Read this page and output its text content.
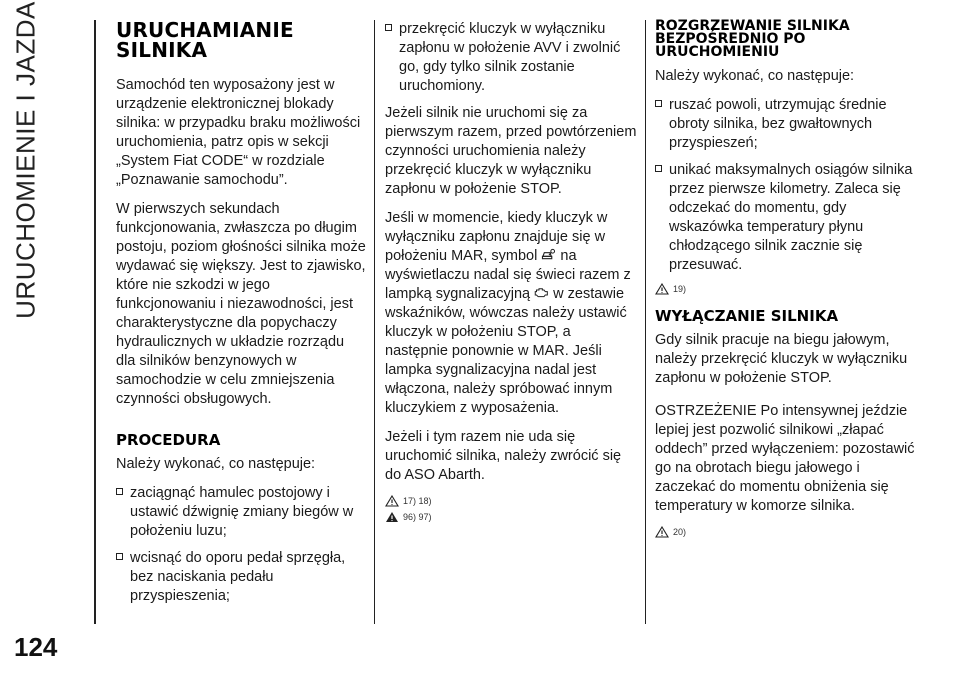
URUCHOMIENIE I JAZDA
124
URUCHAMIANIE SILNIKA

Samochód ten wyposażony jest w urządzenie elektronicznej blokady silnika: w przypadku braku możliwości uruchomienia, patrz opis w sekcji „System Fiat CODE“ w rozdziale „Poznawanie samochodu”.

W pierwszych sekundach funkcjonowania, zwłaszcza po długim postoju, poziom głośności silnika może wydawać się większy. Jest to zjawisko, które nie szkodzi w jego funkcjonowaniu i niezawodności, jest charakterystyczne dla popychaczy hydraulicznych w układzie rozrządu dla silników benzynowych w samochodzie w celu zmniejszenia czynności obsługowych.

PROCEDURA

Należy wykonać, co następuje:

zaciągnąć hamulec postojowy i ustawić dźwignię zmiany biegów w położeniu luzu;
wcisnąć do oporu pedał sprzęgła, bez naciskania pedału przyspieszenia;
przekręcić kluczyk w wyłączniku zapłonu w położenie AVV i zwolnić go, gdy tylko silnik zostanie uruchomiony.

Jeżeli silnik nie uruchomi się za pierwszym razem, przed powtórzeniem czynności uruchomienia należy przekręcić kluczyk w wyłączniku zapłonu w położenie STOP.

Jeśli w momencie, kiedy kluczyk w wyłączniku zapłonu znajduje się w położeniu MAR, symbol na wyświetlaczu nadal się świeci razem z lampką sygnalizacyjną w zestawie wskaźników, wówczas należy ustawić kluczyk w położeniu STOP, a następnie ponownie w MAR. Jeśli lampka sygnalizacyjna nadal jest włączona, należy spróbować innym kluczykiem z wyposażenia.

Jeżeli i tym razem nie uda się uruchomić silnika, należy zwrócić się do ASO Abarth.

17) 18)
96) 97)
ROZGRZEWANIE SILNIKA BEZPOŚREDNIO PO URUCHOMIENIU

Należy wykonać, co następuje:

ruszać powoli, utrzymując średnie obroty silnika, bez gwałtownych przyspieszeń;
unikać maksymalnych osiągów silnika przez pierwsze kilometry. Zaleca się odczekać do momentu, gdy wskazówka temperatury płynu chłodzącego silnik zacznie się przesuwać.
19)
WYŁĄCZANIE SILNIKA

Gdy silnik pracuje na biegu jałowym, należy przekręcić kluczyk w wyłączniku zapłonu w położenie STOP.

OSTRZEŻENIE Po intensywnej jeździe lepiej jest pozwolić silnikowi „złapać oddech” przed wyłączeniem: pozostawić go na obrotach biegu jałowego i zaczekać do momentu obniżenia się temperatury w komorze silnika.

20)
